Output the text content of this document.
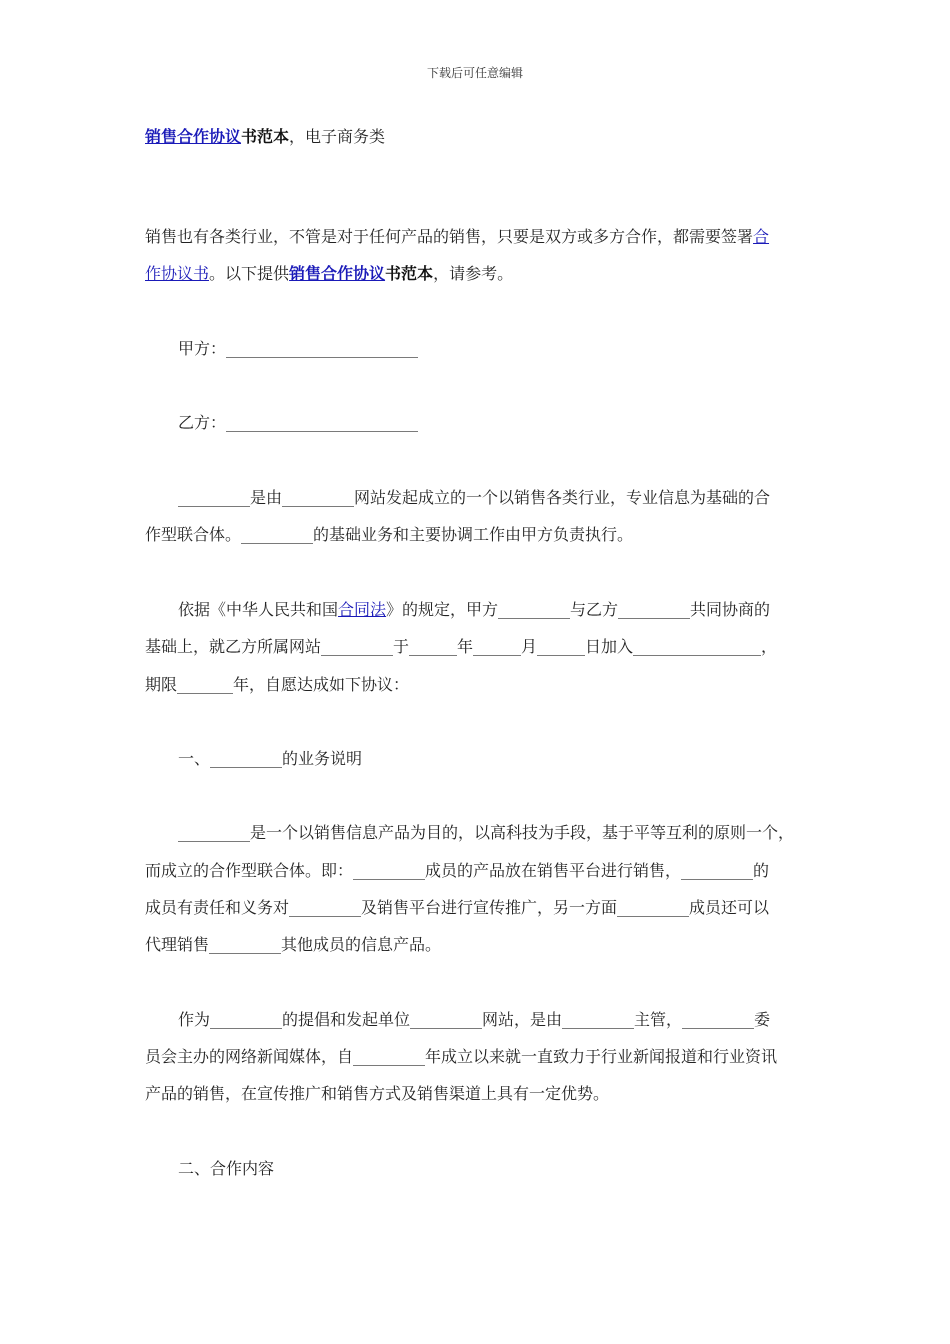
下载后可任意编辑
销售合作协议书范本，电子商务类
销售也有各类行业，不管是对于任何产品的销售，只要是双方或多方合作，都需要签署合
作协议书。以下提供销售合作协议书范本，请参考。
甲方：________________________
乙方：________________________
_________是由_________网站发起成立的一个以销售各类行业，专业信息为基础的合
作型联合体。_________的基础业务和主要协调工作由甲方负责执行。
依据《中华人民共和国合同法》的规定，甲方_________与乙方_________共同协商的
基础上，就乙方所属网站_________于______年______月______日加入________________，
期限_______年，自愿达成如下协议：
一、_________的业务说明
_________是一个以销售信息产品为目的，以高科技为手段，基于平等互利的原则一个，
而成立的合作型联合体。即：_________成员的产品放在销售平台进行销售，_________的
成员有责任和义务对_________及销售平台进行宣传推广，另一方面_________成员还可以
代理销售_________其他成员的信息产品。
作为_________的提倡和发起单位_________网站，是由_________主管，_________委
员会主办的网络新闻媒体，自_________年成立以来就一直致力于行业新闻报道和行业资讯
产品的销售，在宣传推广和销售方式及销售渠道上具有一定优势。
二、合作内容
